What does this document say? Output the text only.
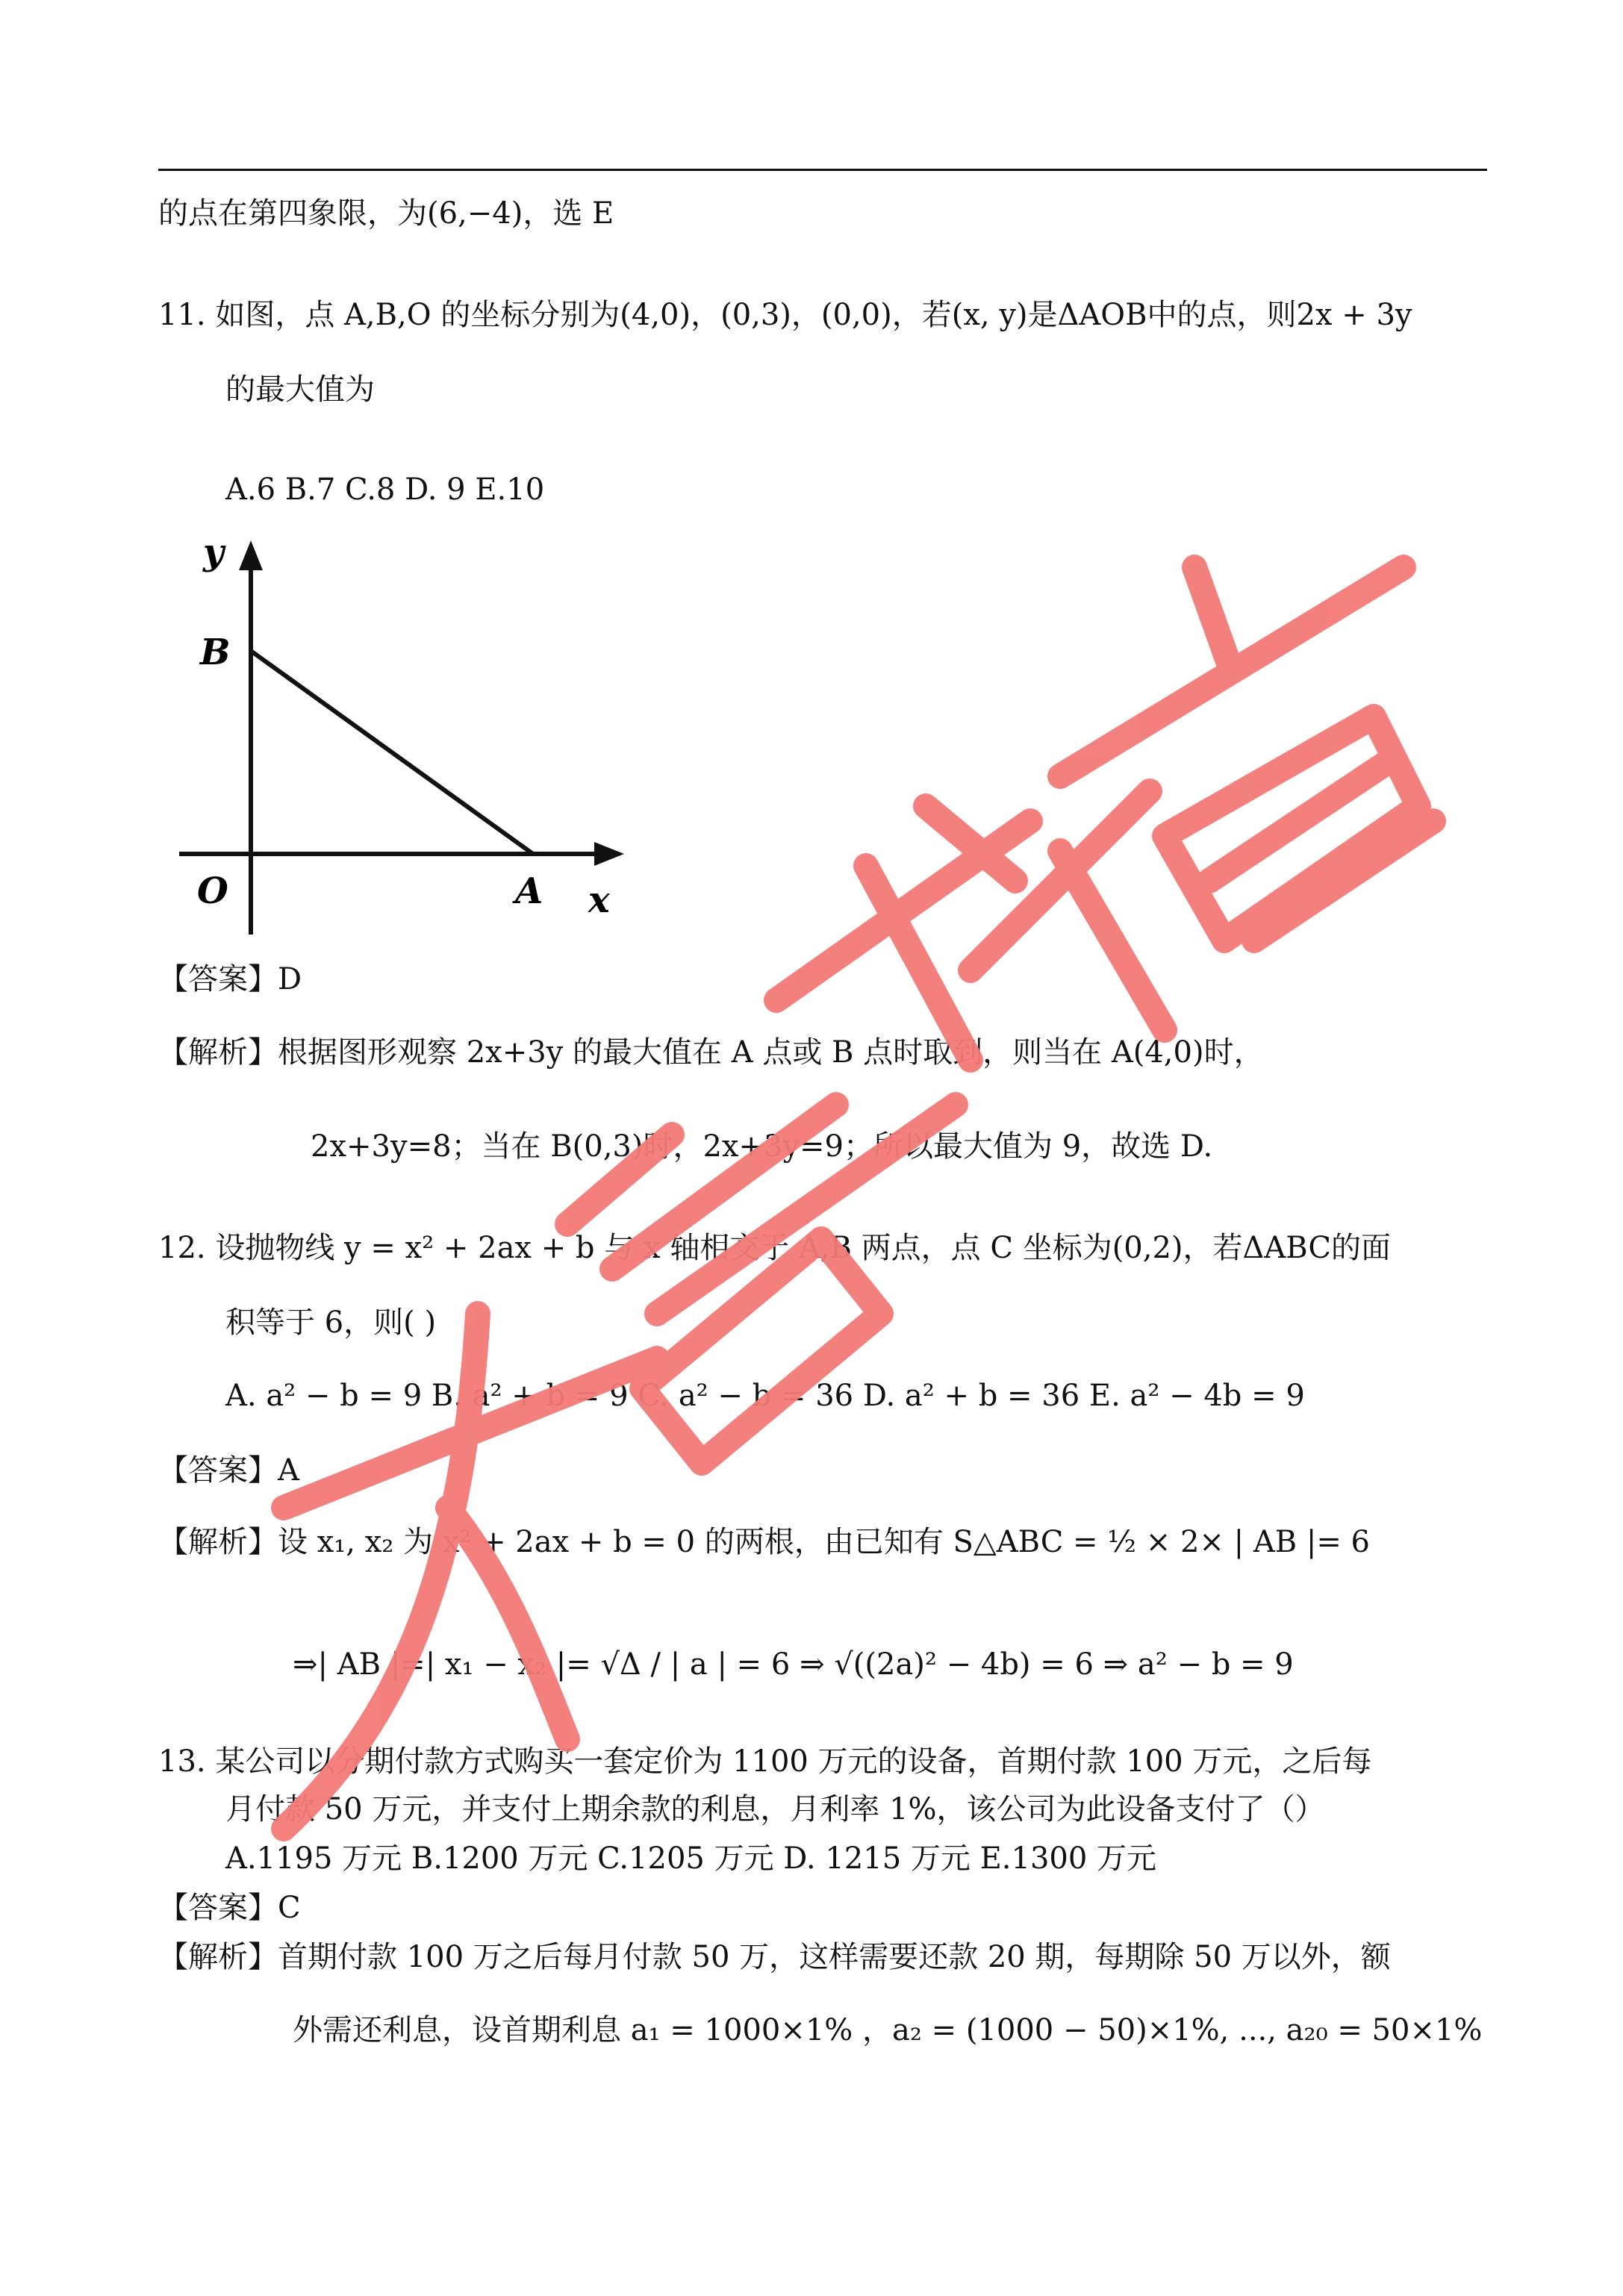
的点在第四象限，为(6,−4)，选 E
11. 如图，点 A,B,O 的坐标分别为(4,0)，(0,3)，(0,0)，若(x, y)是ΔAOB中的点，则2x + 3y
的最大值为
A.6 B.7 C.8 D. 9 E.10
y
B
O	A x
【答案】D
【解析】根据图形观察 2x+3y 的最大值在 A 点或 B 点时取到，则当在 A(4,0)时，
2x+3y=8；当在 B(0,3)时，2x+3y=9；所以最大值为 9，故选 D.
12. 设抛物线 y = x² + 2ax + b 与 x 轴相交于 A,B 两点，点 C 坐标为(0,2)，若ΔABC的面
积等于 6，则( )
A. a² − b = 9 B. a² + b = 9 C. a² − b = 36 D. a² + b = 36 E. a² − 4b = 9
【答案】A
【解析】设 x₁, x₂ 为 x² + 2ax + b = 0 的两根，由已知有 S△ABC = ½ × 2× | AB |= 6
⇒| AB |=| x₁ − x₂ |= √Δ / | a | = 6 ⇒ √((2a)² − 4b) = 6 ⇒ a² − b = 9
13. 某公司以分期付款方式购买一套定价为 1100 万元的设备，首期付款 100 万元，之后每
月付款 50 万元，并支付上期余款的利息，月利率 1%，该公司为此设备支付了（）
A.1195 万元 B.1200 万元 C.1205 万元 D. 1215 万元 E.1300 万元
【答案】C
【解析】首期付款 100 万之后每月付款 50 万，这样需要还款 20 期，每期除 50 万以外，额
外需还利息，设首期利息 a₁ = 1000×1% ，a₂ = (1000 − 50)×1%, ..., a₂₀ = 50×1%
